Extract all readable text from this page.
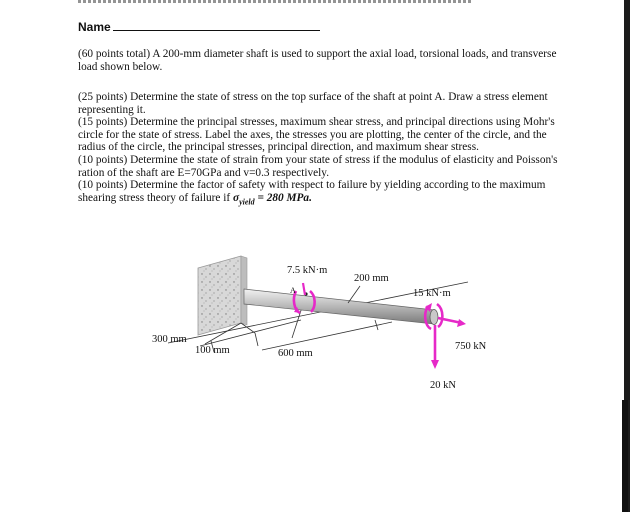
Name
(60 points total) A 200-mm diameter shaft is used to support the axial load, torsional loads, and transverse load shown below.

(25 points) Determine the state of stress on the top surface of the shaft at point A. Draw a stress element representing it.

(15 points) Determine the principal stresses, maximum shear stress, and principal directions using Mohr's circle for the state of stress. Label the axes, the stresses you are plotting, the center of the circle, and the radius of the circle, the principal stresses, principal direction, and maximum shear stress.

(10 points) Determine the state of strain from your state of stress if the modulus of elasticity and Poisson's ration of the shaft are E=70GPa and v=0.3 respectively.

(10 points) Determine the factor of safety with respect to failure by yielding according to the maximum shearing stress theory of failure if $\sigma_{yield} = 280$ MPa.

7.5 kN·m
200 mm
15 kN·m
750 kN
20 kN
300 mm
100 mm	600 mm
A
